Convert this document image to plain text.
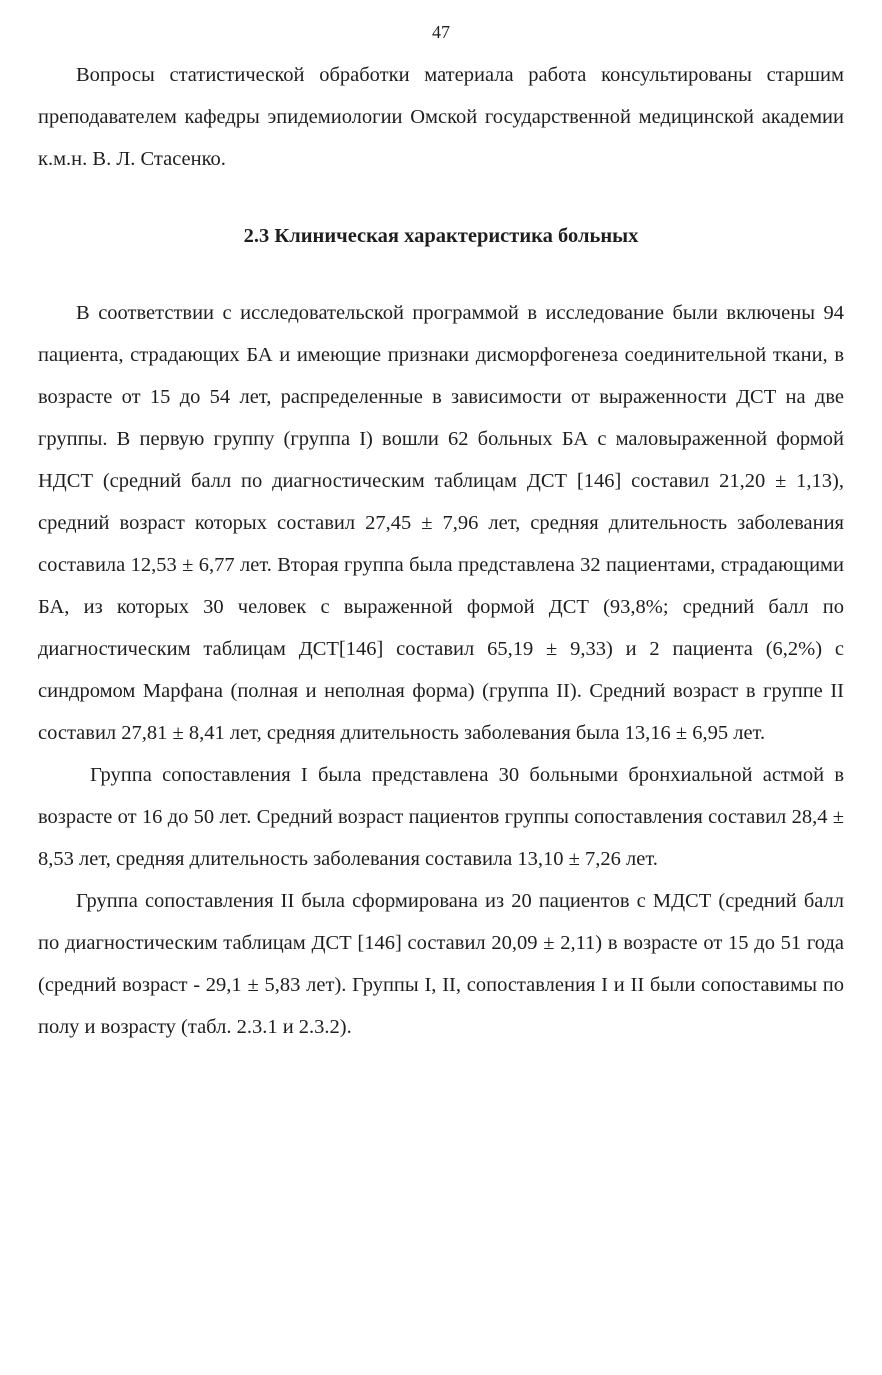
47

Вопросы статистической обработки материала работа консультированы старшим преподавателем кафедры эпидемиологии Омской государственной медицинской академии к.м.н. В. Л. Стасенко.

2.3 Клиническая характеристика больных

В соответствии с исследовательской программой в исследование были включены 94 пациента, страдающих БА и имеющие признаки дисморфогенеза соединительной ткани, в возрасте от 15 до 54 лет, распределенные в зависимости от выраженности ДСТ на две группы. В первую группу (группа I) вошли 62 больных БА с маловыраженной формой НДСТ (средний балл по диагностическим таблицам ДСТ [146] составил 21,20 ± 1,13), средний возраст которых составил 27,45 ± 7,96 лет, средняя длительность заболевания составила 12,53 ± 6,77 лет. Вторая группа была представлена 32 пациентами, страдающими БА, из которых 30 человек с выраженной формой ДСТ (93,8%; средний балл по диагностическим таблицам ДСТ[146] составил 65,19 ± 9,33) и 2 пациента (6,2%) с синдромом Марфана (полная и неполная форма) (группа II). Средний возраст в группе II составил 27,81 ± 8,41 лет, средняя длительность заболевания была 13,16 ± 6,95 лет.

Группа сопоставления I была представлена 30 больными бронхиальной астмой в возрасте от 16 до 50 лет. Средний возраст пациентов группы сопоставления составил 28,4 ± 8,53 лет, средняя длительность заболевания составила 13,10 ± 7,26 лет.

Группа сопоставления II была сформирована из 20 пациентов с МДСТ (средний балл по диагностическим таблицам ДСТ [146] составил 20,09 ± 2,11) в возрасте от 15 до 51 года (средний возраст - 29,1 ± 5,83 лет). Группы I, II, сопоставления I и II были сопоставимы по полу и возрасту (табл. 2.3.1 и 2.3.2).
